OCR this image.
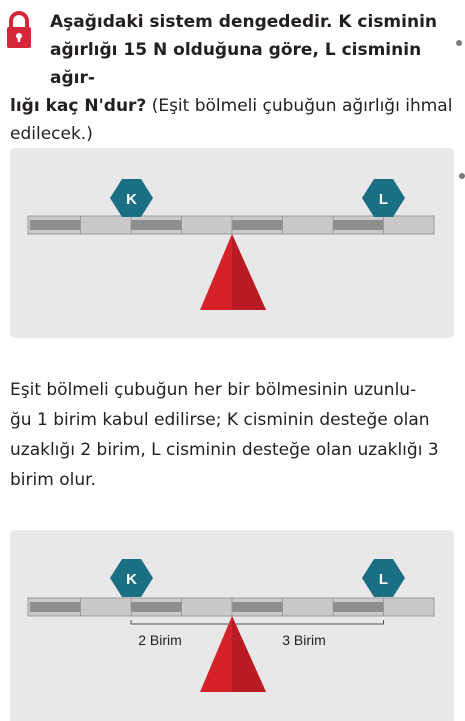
Aşağıdaki sistem dengededir. K cisminin

ağırlığı 15 N olduğuna göre, L cisminin ağır-
lığı kaç N'dur? (Eşit bölmeli çubuğun ağırlığı ihmal
edilecek.)
K	L
Eşit bölmeli çubuğun her bir bölmesinin uzunlu-
ğu 1 birim kabul edilirse; K cisminin desteğe olan
uzaklığı 2 birim, L cisminin desteğe olan uzaklığı 3
birim olur.
2 Birim	3 Birim
K	L
